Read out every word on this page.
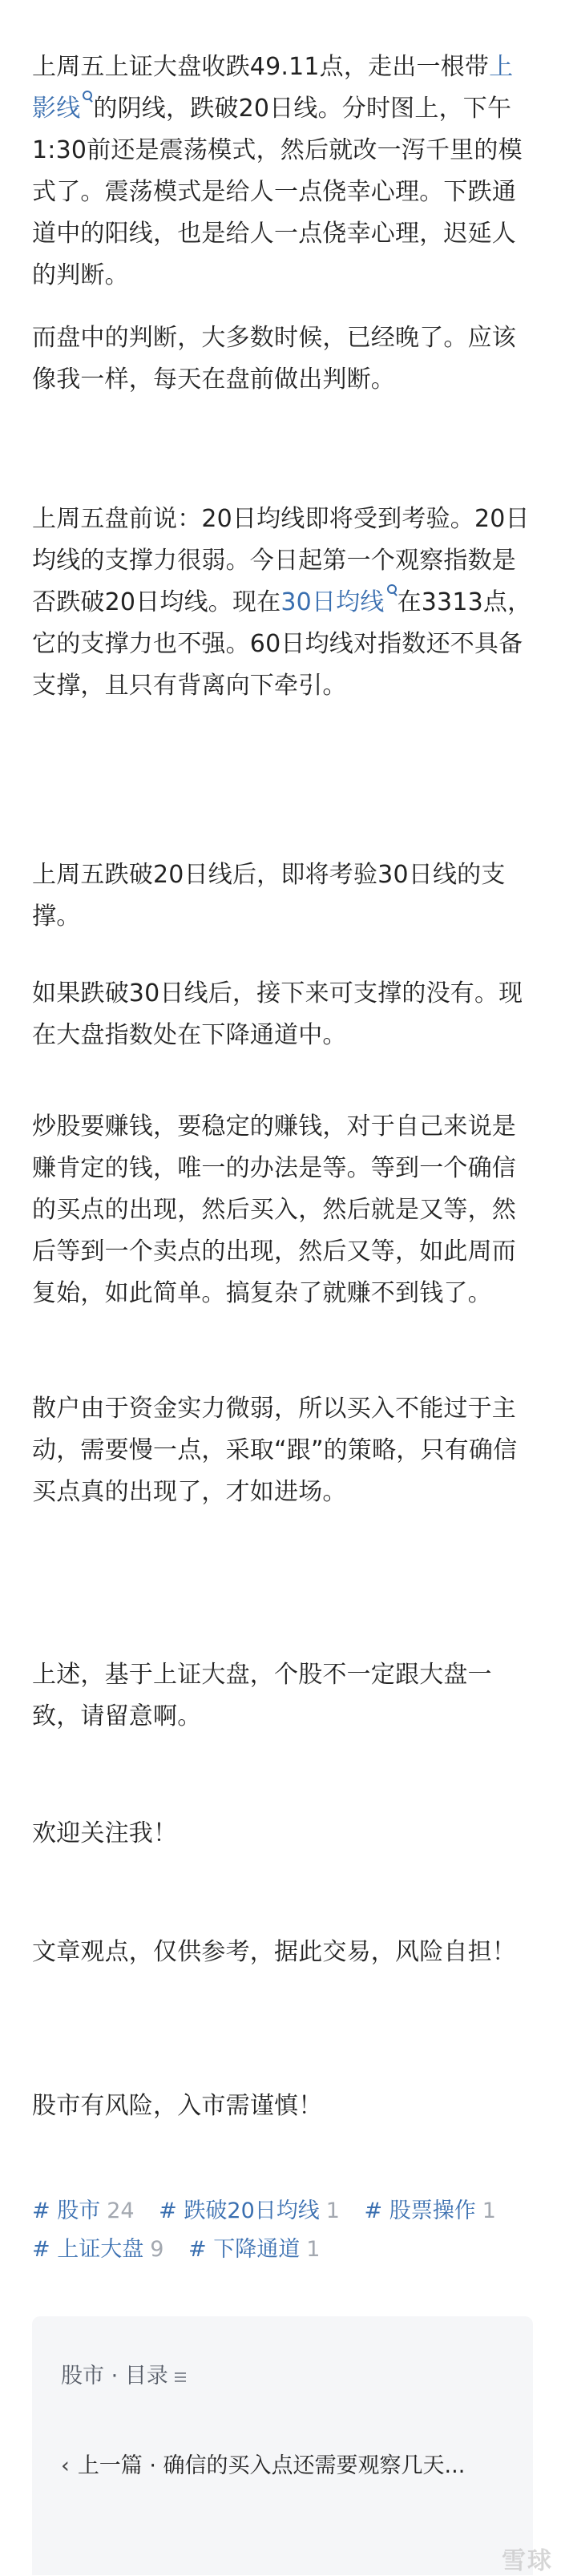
上周五上证大盘收跌49.11点，走出一根带上影线 的阴线，跌破20日线。分时图上，下午1:30前还是震荡模式，然后就改一泻千里的模式了。震荡模式是给人一点侥幸心理。下跌通道中的阳线，也是给人一点侥幸心理，迟延人的判断。

而盘中的判断，大多数时候，已经晚了。应该像我一样，每天在盘前做出判断。

上周五盘前说：20日均线即将受到考验。20日均线的支撑力很弱。今日起第一个观察指数是否跌破20日均线。现在30日均线 在3313点，它的支撑力也不强。60日均线对指数还不具备支撑，且只有背离向下牵引。

上周五跌破20日线后，即将考验30日线的支撑。

如果跌破30日线后，接下来可支撑的没有。现在大盘指数处在下降通道中。

炒股要赚钱，要稳定的赚钱，对于自己来说是赚肯定的钱，唯一的办法是等。等到一个确信的买点的出现，然后买入，然后就是又等，然后等到一个卖点的出现，然后又等，如此周而复始，如此简单。搞复杂了就赚不到钱了。

散户由于资金实力微弱，所以买入不能过于主动，需要慢一点，采取“跟”的策略，只有确信买点真的出现了，才如进场。

上述，基于上证大盘，个股不一定跟大盘一致，请留意啊。

欢迎关注我！

文章观点，仅供参考，据此交易，风险自担！

股市有风险，入市需谨慎！

# 股市 24 # 跌破20日均线 1 # 股票操作 1 # 上证大盘 9 # 下降通道 1
股市 · 目录
‹ 上一篇 · 确信的买入点还需要观察几天...
雪球
